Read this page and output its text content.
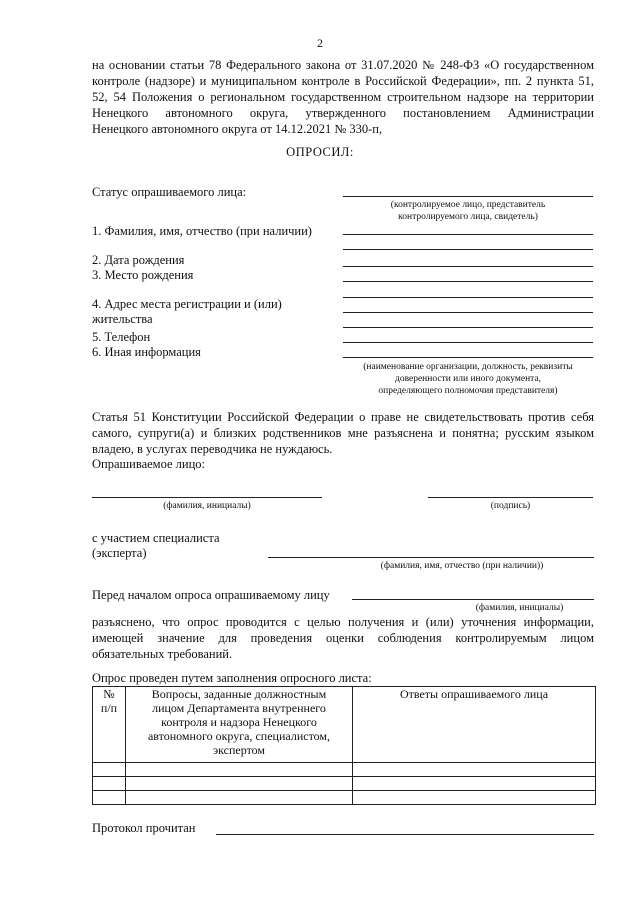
2
на основании статьи 78 Федерального закона от 31.07.2020 № 248-ФЗ «О государственном
контроле (надзоре) и муниципальном контроле в Российской Федерации», пп. 2 пункта 51,
52, 54 Положения о региональном государственном строительном надзоре на территории
Ненецкого автономного округа, утвержденного постановлением Администрации
Ненецкого автономного округа от 14.12.2021 № 330-п,
ОПРОСИЛ:
Статус опрашиваемого лица:
(контролируемое лицо, представитель
контролируемого лица, свидетель)
1. Фамилия, имя, отчество (при наличии)
2. Дата рождения
3. Место рождения
4. Адрес места регистрации и (или)
жительства
5. Телефон
6. Иная информация
(наименование организации, должность, реквизиты
доверенности или иного документа,
определяющего полномочия представителя)
Статья 51 Конституции Российской Федерации о праве не свидетельствовать против себя
самого, супруги(а) и близких родственников мне разъяснена и понятна; русским языком
владею, в услугах переводчика не нуждаюсь.
Опрашиваемое лицо:
(фамилия, инициалы)	(подпись)
с участием специалиста
(эксперта)
(фамилия, имя, отчество (при наличии))
Перед началом опроса опрашиваемому лицу
(фамилия, инициалы)
разъяснено, что опрос проводится с целью получения и (или) уточнения информации,
имеющей значение для проведения оценки соблюдения контролируемым лицом
обязательных требований.
Опрос проведен путем заполнения опросного листа:
№
п/п	Вопросы, заданные должностным
лицом Департамента внутреннего
контроля и надзора Ненецкого
автономного округа, специалистом,
экспертом	Ответы опрашиваемого лица

Протокол прочитан
